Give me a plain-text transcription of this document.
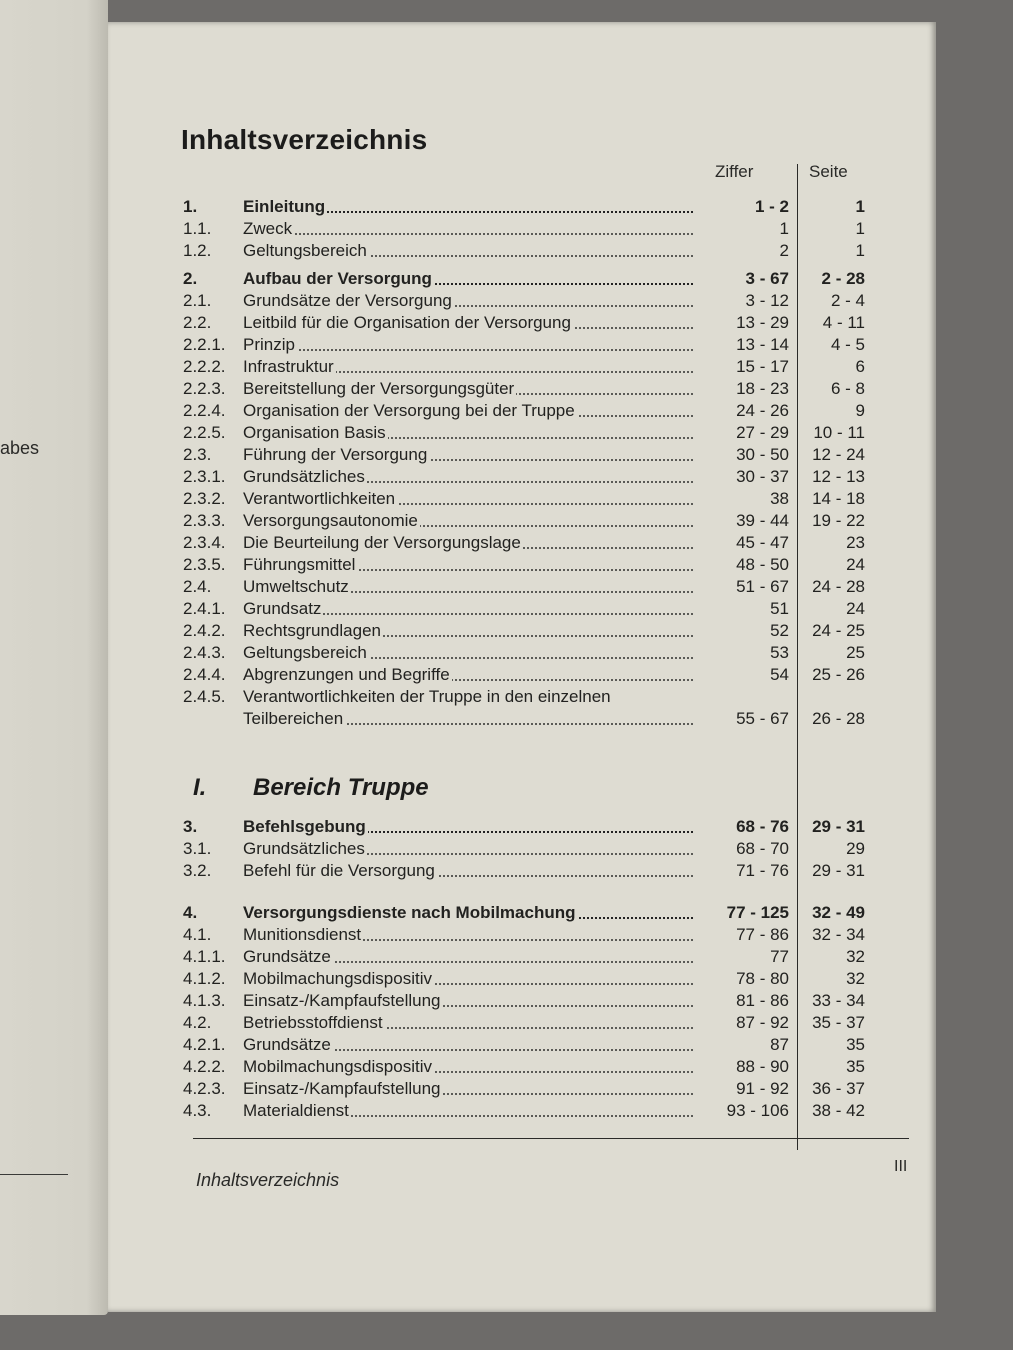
abes
Inhaltsverzeichnis
Ziffer	Seite
1.	Einleitung	1 - 2	1
1.1. Zweck	1	1
1.2. Geltungsbereich	2	1
2.	Aufbau der Versorgung	3 - 67	2 - 28
2.1. Grundsätze der Versorgung	3 - 12	2 - 4
2.2. Leitbild für die Organisation der Versorgung	13 - 29	4 - 11
2.2.1. Prinzip	13 - 14	4 - 5
2.2.2. Infrastruktur	15 - 17	6
2.2.3. Bereitstellung der Versorgungsgüter	18 - 23	6 - 8
2.2.4. Organisation der Versorgung bei der Truppe	24 - 26	9
2.2.5. Organisation Basis	27 - 29	10 - 11
2.3. Führung der Versorgung	30 - 50	12 - 24
2.3.1. Grundsätzliches	30 - 37	12 - 13
2.3.2. Verantwortlichkeiten	38	14 - 18
2.3.3. Versorgungsautonomie	39 - 44	19 - 22
2.3.4. Die Beurteilung der Versorgungslage	45 - 47	23
2.3.5. Führungsmittel	48 - 50	24
2.4. Umweltschutz	51 - 67	24 - 28
2.4.1. Grundsatz	51	24
2.4.2. Rechtsgrundlagen	52	24 - 25
2.4.3. Geltungsbereich	53	25
2.4.4. Abgrenzungen und Begriffe	54	25 - 26
2.4.5. Verantwortlichkeiten der Truppe in den einzelnen
Teilbereichen	55 - 67	26 - 28
I. Bereich Truppe
3.	Befehlsgebung	68 - 76	29 - 31
3.1. Grundsätzliches	68 - 70	29
3.2. Befehl für die Versorgung	71 - 76	29 - 31
4.	Versorgungsdienste nach Mobilmachung	77 - 125	32 - 49
4.1. Munitionsdienst	77 - 86	32 - 34
4.1.1. Grundsätze	77	32
4.1.2. Mobilmachungsdispositiv	78 - 80	32
4.1.3. Einsatz-/Kampfaufstellung	81 - 86	33 - 34
4.2. Betriebsstoffdienst	87 - 92	35 - 37
4.2.1. Grundsätze	87	35
4.2.2. Mobilmachungsdispositiv	88 - 90	35
4.2.3. Einsatz-/Kampfaufstellung	91 - 92	36 - 37
4.3. Materialdienst	93 - 106	38 - 42
Inhaltsverzeichnis
III
